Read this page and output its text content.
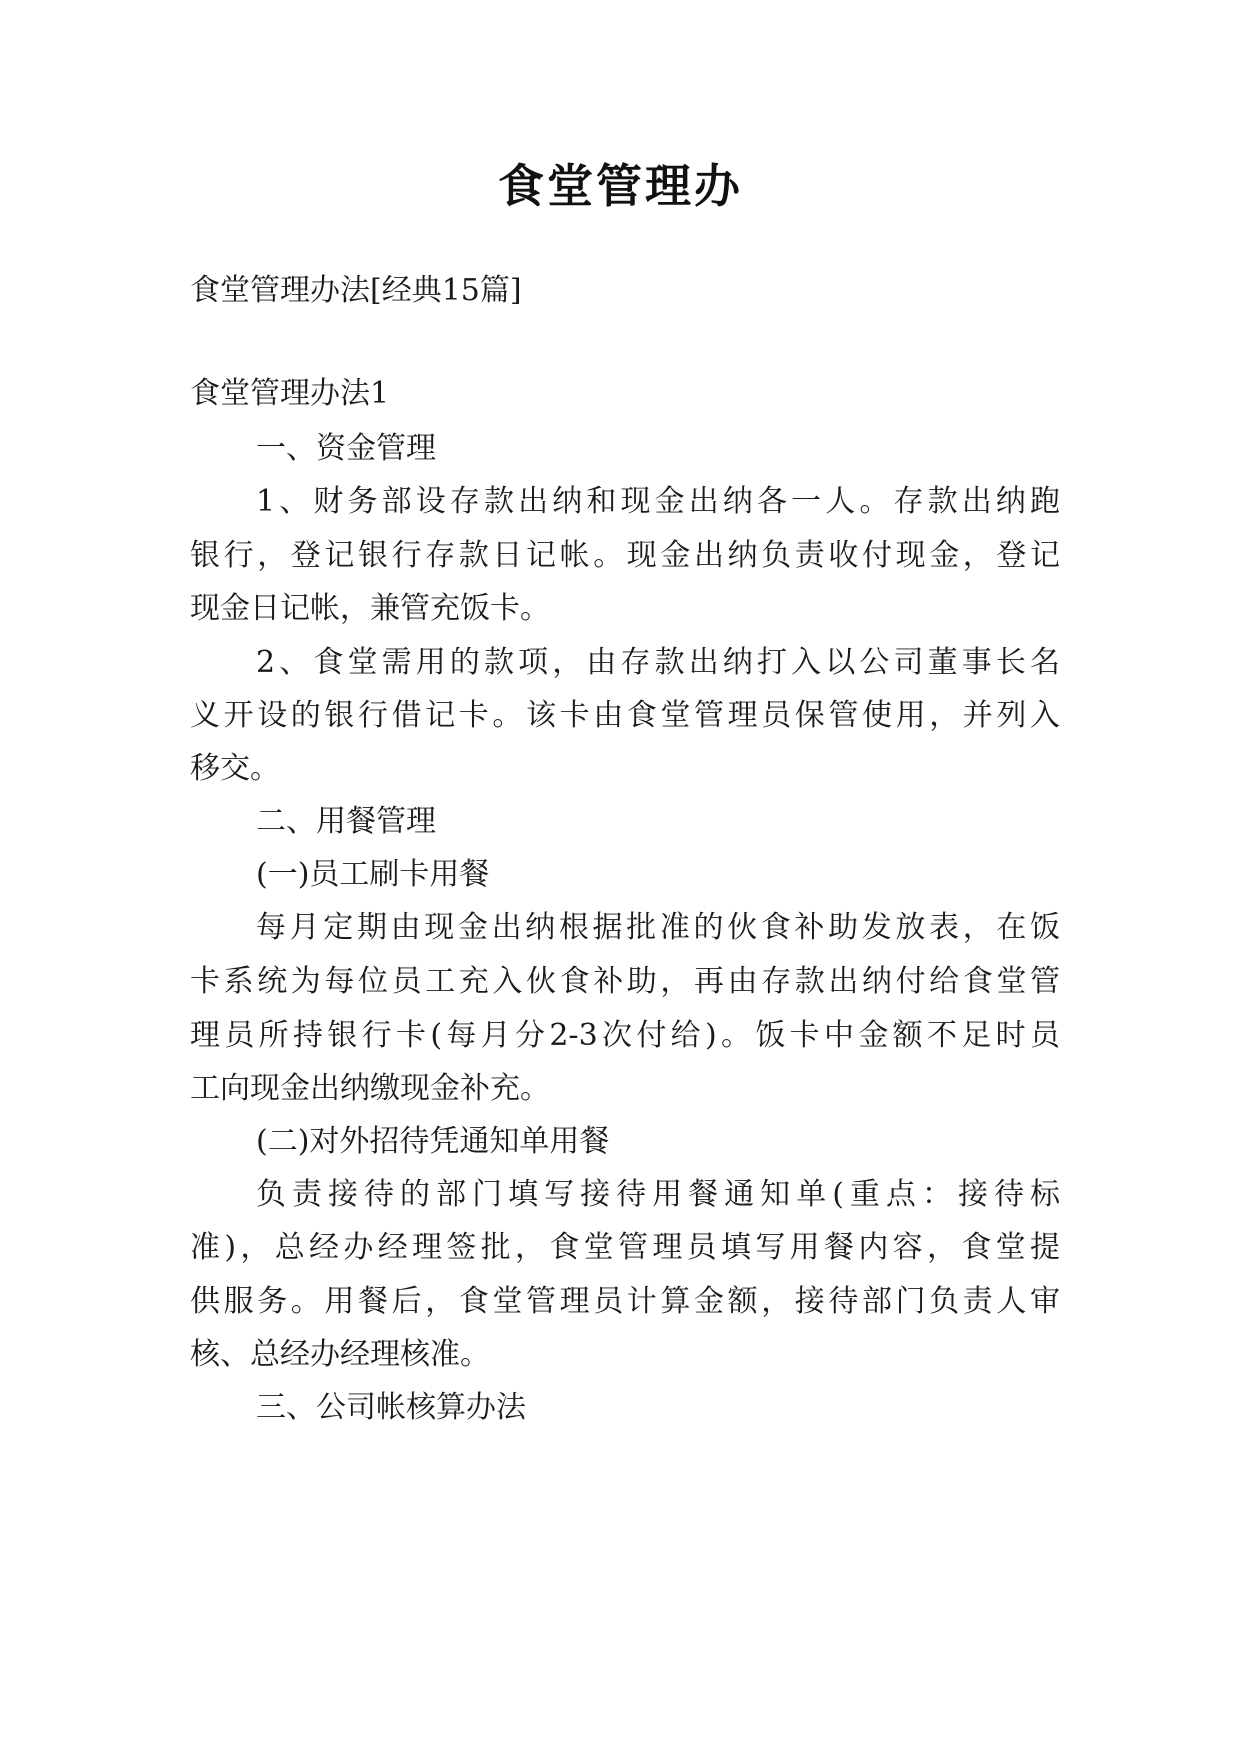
食堂管理办
食堂管理办法[经典15篇]
食堂管理办法1
一、资金管理
1、财务部设存款出纳和现金出纳各一人。存款出纳跑
银行，登记银行存款日记帐。现金出纳负责收付现金，登记
现金日记帐，兼管充饭卡。
2、食堂需用的款项，由存款出纳打入以公司董事长名
义开设的银行借记卡。该卡由食堂管理员保管使用，并列入
移交。
二、用餐管理
(一)员工刷卡用餐
每月定期由现金出纳根据批准的伙食补助发放表，在饭
卡系统为每位员工充入伙食补助，再由存款出纳付给食堂管
理员所持银行卡(每月分2-3次付给)。饭卡中金额不足时员
工向现金出纳缴现金补充。
(二)对外招待凭通知单用餐
负责接待的部门填写接待用餐通知单(重点：接待标
准)，总经办经理签批，食堂管理员填写用餐内容，食堂提
供服务。用餐后，食堂管理员计算金额，接待部门负责人审
核、总经办经理核准。
三、公司帐核算办法
